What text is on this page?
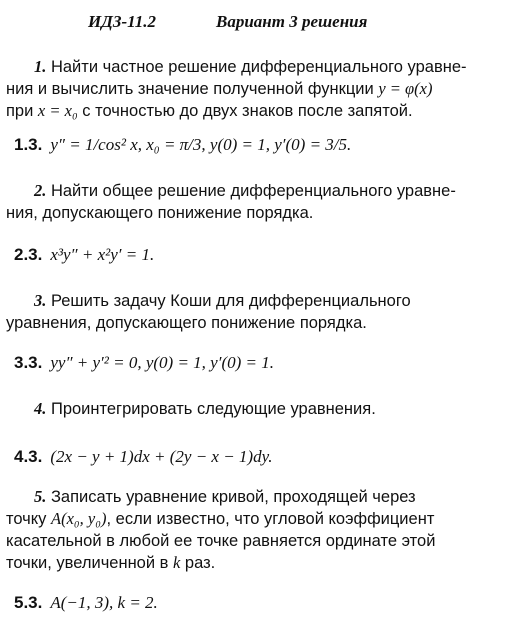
ИДЗ-11.2	Вариант 3 решения
1. Найти частное решение дифференциального уравне-
ния и вычислить значение полученной функции y = φ(x)
при x = x₀ с точностью до двух знаков после запятой.
1.3. y″ = 1/cos² x, x₀ = π/3, y(0) = 1, y′(0) = 3/5.
2. Найти общее решение дифференциального уравне-
ния, допускающего понижение порядка.
2.3. x³y″ + x²y′ = 1.
3. Решить задачу Коши для дифференциального
уравнения, допускающего понижение порядка.
3.3. yy″ + y′² = 0, y(0) = 1, y′(0) = 1.
4. Проинтегрировать следующие уравнения.
4.3. (2x − y + 1)dx + (2y − x − 1)dy.
5. Записать уравнение кривой, проходящей через
точку A(x₀, y₀), если известно, что угловой коэффициент
касательной в любой ее точке равняется ординате этой
точки, увеличенной в k раз.
5.3. A(−1, 3), k = 2.
